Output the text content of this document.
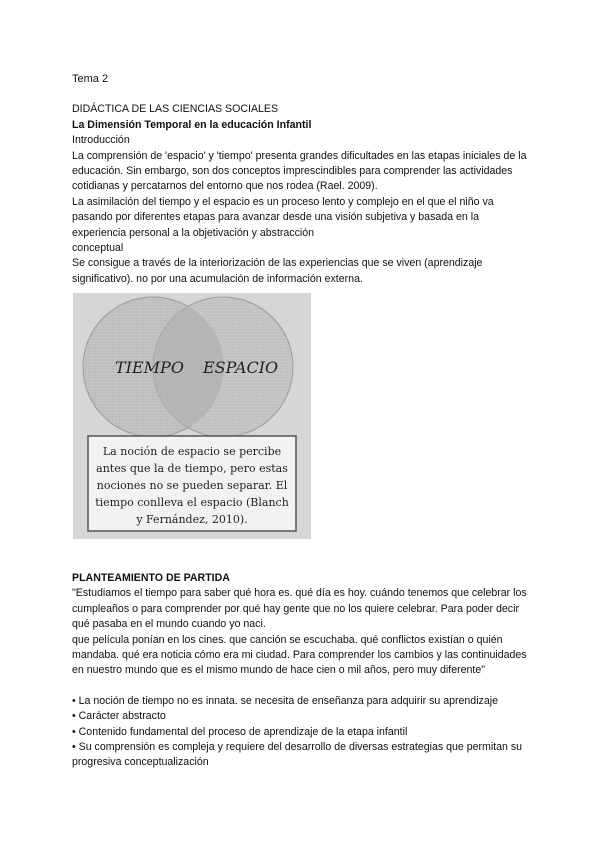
Tema 2

DIDÁCTICA DE LAS CIENCIAS SOCIALES

La Dimensión Temporal en la educación Infantil

Introducción

La comprensión de 'espacio' y 'tiempo' presenta grandes dificultades en las etapas iniciales de la educación. Sin embargo, son dos conceptos imprescindibles para comprender las actividades cotidianas y percatarnos del entorno que nos rodea (Rael. 2009).

La asimilación del tiempo y el espacio es un proceso lento y complejo en el que el niño va pasando por diferentes etapas para avanzar desde una visión subjetiva y basada en la experiencia personal a la objetivación y abstracción

conceptual

Se consigue a través de la interiorización de las experiencias que se viven (aprendizaje significativo). no por una acumulación de información externa.

TIEMPO ESPACIO
La noción de espacio se percibe
antes que la de tiempo, pero estas
nociones no se pueden separar. El
tiempo conlleva el espacio (Blanch
y Fernández, 2010).

PLANTEAMIENTO DE PARTIDA

"Estudiamos el tiempo para saber qué hora es. qué día es hoy. cuándo tenemos que celebrar los cumpleaños o para comprender por qué hay gente que no los quiere celebrar. Para poder decir qué pasaba en el mundo cuando yo naci.

que película ponían en los cines. que canción se escuchaba. qué conflictos existían o quién mandaba. qué era noticia cómo era mi ciudad. Para comprender los cambios y las continuidades en nuestro mundo que es el mismo mundo de hace cien o mil años, pero muy diferente"

• La noción de tiempo no es innata. se necesita de enseñanza para adquirir su aprendizaje

• Carácter abstracto

• Contenido fundamental del proceso de aprendizaje de la etapa infantil

• Su comprensión es compleja y requiere del desarrollo de diversas estrategias que permitan su progresiva conceptualización
